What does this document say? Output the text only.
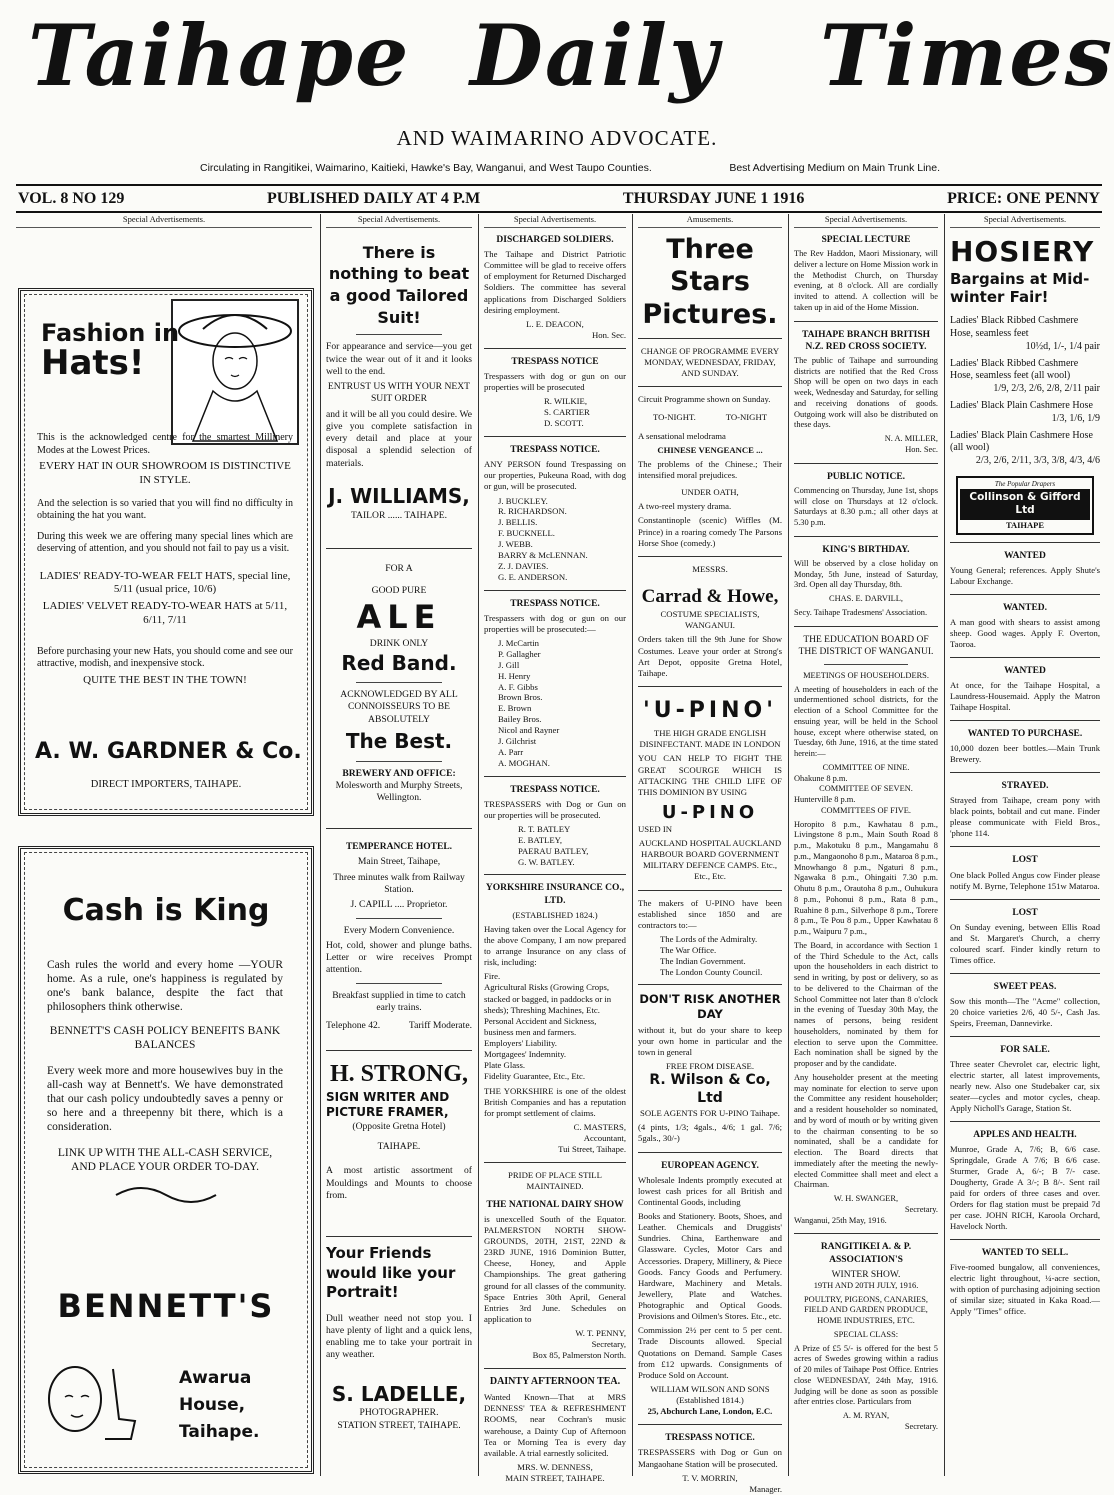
Taihape Daily Times
AND WAIMARINO ADVOCATE.
Circulating in Rangitikei, Waimarino, Kaitieki, Hawke's Bay, Wanganui, and West Taupo Counties.	Best Advertising Medium on Main Trunk Line.
VOL. 8 NO 129	PUBLISHED DAILY AT 4 P.M	THURSDAY JUNE 1 1916	PRICE: ONE PENNY
Special Advertisements.
Fashion in
Hats!

This is the acknowledged centre for the smartest Millinery Modes at the Lowest Prices.

EVERY HAT IN OUR SHOWROOM IS DISTINCTIVE IN STYLE.

And the selection is so varied that you will find no difficulty in obtaining the hat you want.

During this week we are offering many special lines which are deserving of attention, and you should not fail to pay us a visit.

LADIES' READY-TO-WEAR FELT HATS, special line, 5/11 (usual price, 10/6)

LADIES' VELVET READY-TO-WEAR HATS at 5/11, 6/11, 7/11

Before purchasing your new Hats, you should come and see our attractive, modish, and inexpensive stock.

QUITE THE BEST IN THE TOWN!

A. W. GARDNER & Co.
DIRECT IMPORTERS, TAIHAPE.
Cash is King

Cash rules the world and every home —YOUR home. As a rule, one's happiness is regulated by one's bank balance, despite the fact that philosophers think otherwise.

BENNETT'S CASH POLICY BENEFITS BANK BALANCES

Every week more and more housewives buy in the all-cash way at Bennett's. We have demonstrated that our cash policy undoubtedly saves a penny or so here and a threepenny bit there, which is a consideration.

LINK UP WITH THE ALL-CASH SERVICE, AND PLACE YOUR ORDER TO-DAY.

BENNETT'S
Awarua House,
Taihape.
Special Advertisements.
There is nothing to beat a good Tailored Suit!

For appearance and service—you get twice the wear out of it and it looks well to the end.

ENTRUST US WITH YOUR NEXT SUIT ORDER

and it will be all you could desire. We give you complete satisfaction in every detail and place at your disposal a splendid selection of materials.

J. WILLIAMS,
TAILOR ...... TAIHAPE.
FOR A
GOOD PURE
ALE
DRINK ONLY
Red Band.

ACKNOWLEDGED BY ALL CONNOISSEURS TO BE ABSOLUTELY

The Best.
BREWERY AND OFFICE:
Molesworth and Murphy Streets, Wellington.
TEMPERANCE HOTEL.
Main Street, Taihape,

Three minutes walk from Railway Station.

J. CAPILL .... Proprietor.
Every Modern Convenience.

Hot, cold, shower and plunge baths. Letter or wire receives Prompt attention.

Breakfast supplied in time to catch early trains.

Telephone 42.	Tariff Moderate.
H. STRONG,
SIGN WRITER AND PICTURE FRAMER,
(Opposite Gretna Hotel)
TAIHAPE.

A most artistic assortment of Mouldings and Mounts to choose from.

Your Friends would like your Portrait!

Dull weather need not stop you. I have plenty of light and a quick lens, enabling me to take your portrait in any weather.

S. LADELLE,
PHOTOGRAPHER.
STATION STREET, TAIHAPE.
Special Advertisements.
DISCHARGED SOLDIERS.

The Taihape and District Patriotic Committee will be glad to receive offers of employment for Returned Discharged Soldiers. The committee has several applications from Discharged Soldiers desiring employment.

L. E. DEACON,
Hon. Sec.
TRESPASS NOTICE

Trespassers with dog or gun on our properties will be prosecuted

R. WILKIE,
S. CARTIER
D. SCOTT.
TRESPASS NOTICE.

ANY PERSON found Trespassing on our properties, Pukeuna Road, with dog or gun, will be prosecuted.

J. BUCKLEY.
R. RICHARDSON.
J. BELLIS.
F. BUCKNELL.
J. WEBB.
BARRY & McLENNAN.
Z. J. DAVIES.
G. E. ANDERSON.
TRESPASS NOTICE.

Trespassers with dog or gun on our properties will be prosecuted:—

J. McCartin
P. Gallagher
J. Gill
H. Henry
A. F. Gibbs
Brown Bros.
E. Brown
Bailey Bros.
Nicol and Rayner
J. Gilchrist
A. Parr
A. MOGHAN.
TRESPASS NOTICE.

TRESPASSERS with Dog or Gun on our properties will be prosecuted.

R. T. BATLEY
E. BATLEY,
PAERAU BATLEY,
G. W. BATLEY.
YORKSHIRE INSURANCE CO., LTD.
(ESTABLISHED 1824.)

Having taken over the Local Agency for the above Company, I am now prepared to arrange Insurance on any class of risk, including:

Fire.
Agricultural Risks (Growing Crops, stacked or bagged, in paddocks or in sheds); Threshing Machines, Etc.
Personal Accident and Sickness, business men and farmers.
Employers' Liability.
Mortgagees' Indemnity.
Plate Glass.
Fidelity Guarantee, Etc., Etc.

THE YORKSHIRE is one of the oldest British Companies and has a reputation for prompt settlement of claims.

C. MASTERS,
Accountant,
Tui Street, Taihape.
PRIDE OF PLACE STILL MAINTAINED.
THE NATIONAL DAIRY SHOW

is unexcelled South of the Equator. PALMERSTON NORTH SHOW-GROUNDS, 20TH, 21ST, 22ND & 23RD JUNE, 1916 Dominion Butter, Cheese, Honey, and Apple Championships. The great gathering ground for all classes of the community. Space Entries 30th April, General Entries 3rd June. Schedules on application to

W. T. PENNY,
Secretary,
Box 85, Palmerston North.
DAINTY AFTERNOON TEA.

Wanted Known—That at MRS DENNESS' TEA & REFRESHMENT ROOMS, near Cochran's music warehouse, a Dainty Cup of Afternoon Tea or Morning Tea is every day available. A trial earnestly solicited.

MRS. W. DENNESS,
MAIN STREET, TAIHAPE.
Amusements.
Three Stars Pictures.

CHANGE OF PROGRAMME EVERY MONDAY, WEDNESDAY, FRIDAY, AND SUNDAY.

Circuit Programme shown on Sunday.

TO-NIGHT.	TO-NIGHT

A sensational melodrama

CHINESE VENGEANCE ...

The problems of the Chinese.; Their intensified moral prejudices.

UNDER OATH,

A two-reel mystery drama.

Constantinople (scenic) Wiffles (M. Prince) in a roaring comedy The Parsons Horse Shoe (comedy.)

MESSRS.
Carrad & Howe,
COSTUME SPECIALISTS, WANGANUI.

Orders taken till the 9th June for Show Costumes. Leave your order at Strong's Art Depot, opposite Gretna Hotel, Taihape.

'U-PINO'

THE HIGH GRADE ENGLISH DISINFECTANT. MADE IN LONDON

YOU CAN HELP TO FIGHT THE GREAT SCOURGE WHICH IS ATTACKING THE CHILD LIFE OF THIS DOMINION BY USING

U-PINO
USED IN

AUCKLAND HOSPITAL AUCKLAND HARBOUR BOARD GOVERNMENT MILITARY DEFENCE CAMPS. Etc., Etc., Etc.

The makers of U-PINO have been established since 1850 and are contractors to:—

The Lords of the Admiralty.
The War Office.
The Indian Government.
The London County Council.
DON'T RISK ANOTHER DAY

without it, but do your share to keep your own home in particular and the town in general

FREE FROM DISEASE.
R. Wilson & Co, Ltd
SOLE AGENTS FOR U-PINO Taihape.

(4 pints, 1/3; 4gals., 4/6; 1 gal. 7/6; 5gals., 30/-)

EUROPEAN AGENCY.

Wholesale Indents promptly executed at lowest cash prices for all British and Continental Goods, including

Books and Stationery. Boots, Shoes, and Leather. Chemicals and Druggists' Sundries. China, Earthenware and Glassware. Cycles, Motor Cars and Accessories. Drapery, Millinery, & Piece Goods. Fancy Goods and Perfumery. Hardware, Machinery and Metals. Jewellery, Plate and Watches. Photographic and Optical Goods. Provisions and Oilmen's Stores. Etc., etc.

Commission 2½ per cent to 5 per cent. Trade Discounts allowed. Special Quotations on Demand. Sample Cases from £12 upwards. Consignments of Produce Sold on Account.

WILLIAM WILSON AND SONS
(Established 1814.)
25, Abchurch Lane, London, E.C.
TRESPASS NOTICE.

TRESPASSERS with Dog or Gun on Mangaohane Station will be prosecuted.

T. V. MORRIN,
Manager.
Special Advertisements.
SPECIAL LECTURE

The Rev Haddon, Maori Missionary, will deliver a lecture on Home Mission work in the Methodist Church, on Thursday evening, at 8 o'clock. All are cordially invited to attend. A collection will be taken up in aid of the Home Mission.

TAIHAPE BRANCH BRITISH N.Z. RED CROSS SOCIETY.

The public of Taihape and surrounding districts are notified that the Red Cross Shop will be open on two days in each week, Wednesday and Saturday, for selling and receiving donations of goods. Outgoing work will also be distributed on these days.

N. A. MILLER,
Hon. Sec.
PUBLIC NOTICE.

Commencing on Thursday, June 1st, shops will close on Thursdays at 12 o'clock. Saturdays at 8.30 p.m.; all other days at 5.30 p.m.

KING'S BIRTHDAY.

Will be observed by a close holiday on Monday, 5th June, instead of Saturday, 3rd. Open all day Thursday, 8th.

CHAS. E. DARVILL,

Secy. Taihape Tradesmens' Association.

THE EDUCATION BOARD OF THE DISTRICT OF WANGANUI.
MEETINGS OF HOUSEHOLDERS.

A meeting of householders in each of the undermentioned school districts, for the election of a School Committee for the ensuing year, will be held in the School house, except where otherwise stated, on Tuesday, 6th June, 1916, at the time stated herein:—

COMMITTEE OF NINE.
Ohakune 8 p.m.
COMMITTEE OF SEVEN.
Hunterville 8 p.m.
COMMITTEES OF FIVE.

Horopito 8 p.m., Kawhatau 8 p.m., Livingstone 8 p.m., Main South Road 8 p.m., Makotuku 8 p.m., Mangamahu 8 p.m., Mangaonoho 8 p.m., Mataroa 8 p.m., Mnowhango 8 p.m., Ngaturi 8 p.m., Ngawaka 8 p.m., Ohingaiti 7.30 p.m. Ohutu 8 p.m., Orautoha 8 p.m., Ouhukura 8 p.m., Pohonui 8 p.m., Rata 8 p.m., Ruahine 8 p.m., Silverhope 8 p.m., Torere 8 p.m., Te Pou 8 p.m., Upper Kawhatau 8 p.m., Waipuru 7 p.m.,

The Board, in accordance with Section 1 of the Third Schedule to the Act, calls upon the householders in each district to send in writing, by post or delivery, so as to be delivered to the Chairman of the School Committee not later than 8 o'clock in the evening of Tuesday 30th May, the names of persons, being resident householders, nominated by them for election to serve upon the Committee. Each nomination shall be signed by the proposer and by the candidate.

Any householder present at the meeting may nominate for election to serve upon the Committee any resident householder; and a resident householder so nominated, and by word of mouth or by writing given to the chairman consenting to be so nominated, shall be a candidate for election. The Board directs that immediately after the meeting the newly-elected Committee shall meet and elect a Chairman.

W. H. SWANGER,
Secretary.
Wanganui, 25th May, 1916.
RANGITIKEI A. & P. ASSOCIATION'S
WINTER SHOW.
19TH AND 20TH JULY, 1916.

POULTRY, PIGEONS, CANARIES, FIELD AND GARDEN PRODUCE, HOME INDUSTRIES, ETC.

SPECIAL CLASS:

A Prize of £5 5/- is offered for the best 5 acres of Swedes growing within a radius of 20 miles of Taihape Post Office. Entries close WEDNESDAY, 24th May, 1916. Judging will be done as soon as possible after entries close. Particulars from

A. M. RYAN,
Secretary.
Special Advertisements.
HOSIERY
Bargains at Mid-winter Fair!
Ladies' Black Ribbed Cashmere Hose, seamless feet
10½d, 1/-, 1/4 pair
Ladies' Black Ribbed Cashmere Hose, seamless feet (all wool)
1/9, 2/3, 2/6, 2/8, 2/11 pair
Ladies' Black Plain Cashmere Hose
1/3, 1/6, 1/9
Ladies' Black Plain Cashmere Hose (all wool)
2/3, 2/6, 2/11, 3/3, 3/8, 4/3, 4/6
The Popular Drapers
Collinson & Gifford Ltd
TAIHAPE
WANTED

Young General; references. Apply Shute's Labour Exchange.

WANTED.

A man good with shears to assist among sheep. Good wages. Apply F. Overton, Taoroa.

WANTED

At once, for the Taihape Hospital, a Laundress-Housemaid. Apply the Matron Taihape Hospital.

WANTED TO PURCHASE.

10,000 dozen beer bottles.—Main Trunk Brewery.

STRAYED.

Strayed from Taihape, cream pony with black points, bobtail and cut mane. Finder please communicate with Field Bros., 'phone 114.

LOST

One black Polled Angus cow Finder please notify M. Byrne, Telephone 151w Mataroa.

LOST

On Sunday evening, between Ellis Road and St. Margaret's Church, a cherry coloured scarf. Finder kindly return to Times office.

SWEET PEAS.

Sow this month—The "Acme" collection, 20 choice varieties 2/6, 40 5/-, Cash Jas. Speirs, Freeman, Dannevirke.

FOR SALE.

Three seater Chevrolet car, electric light, electric starter, all latest improvements, nearly new. Also one Studebaker car, six seater—cycles and motor cycles, cheap. Apply Nicholl's Garage, Station St.

APPLES AND HEALTH.

Munroe, Grade A, 7/6; B, 6/6 case. Springdale, Grade A 7/6; B 6/6 case. Sturmer, Grade A, 6/-; B 7/- case. Dougherty, Grade A 3/-; B 8/-. Sent rail paid for orders of three cases and over. Orders for flag station must be prepaid 7d per case. JOHN RICH, Karoola Orchard, Havelock North.

WANTED TO SELL.

Five-roomed bungalow, all conveniences, electric light throughout, ¼-acre section, with option of purchasing adjoining section of similar size; situated in Kaka Road.—Apply "Times" office.
